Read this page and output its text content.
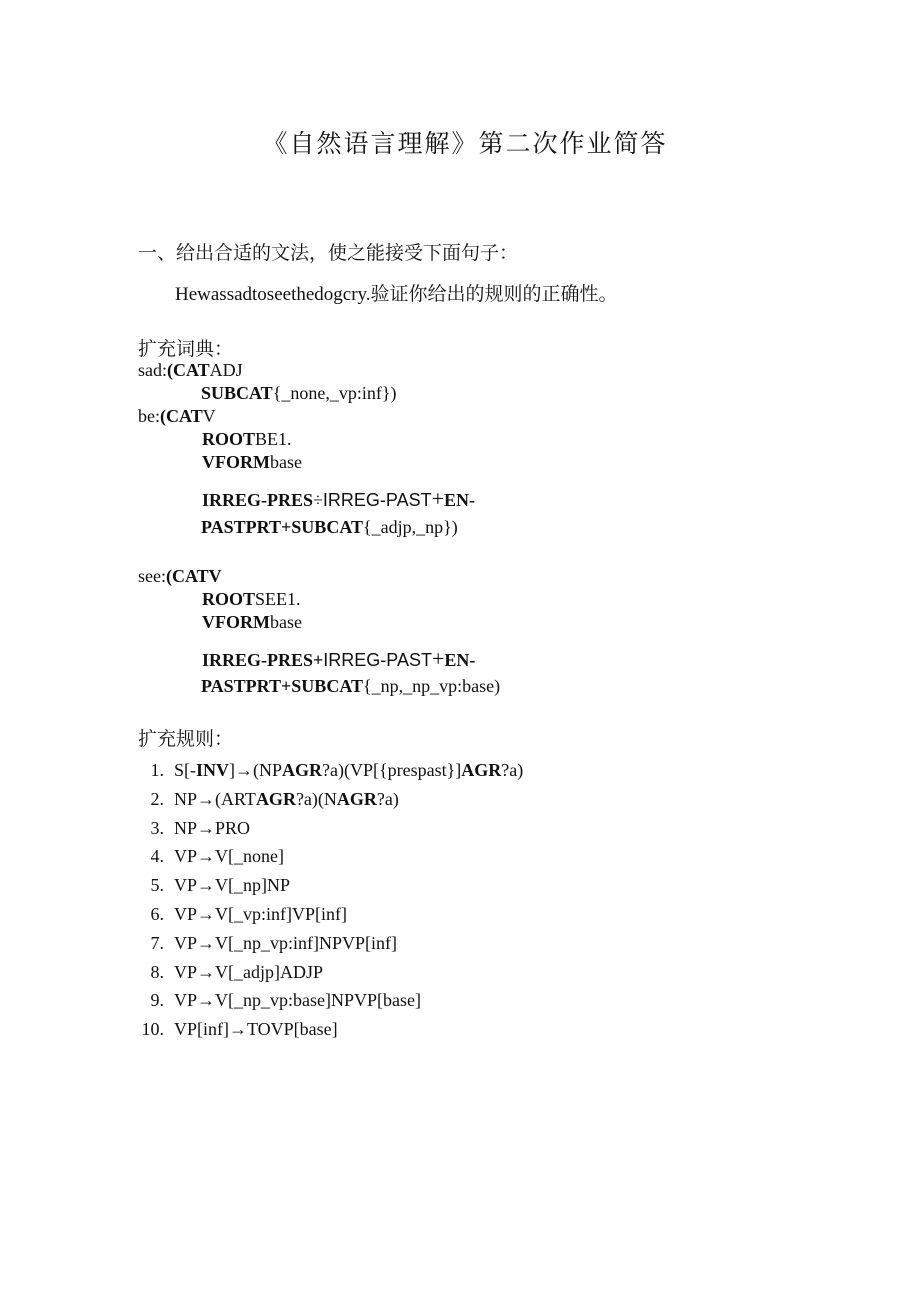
《自然语言理解》第二次作业简答
一、给出合适的文法，使之能接受下面句子：
Hewassadtoseethedogcry.验证你给出的规则的正确性。
扩充词典：
sad:(CATADJ
SUBCAT{_none,_vp:inf})
be:(CATV
ROOTBE1.
VFORMbase
IRREG-PRES÷IRREG-PAST+EN-
PASTPRT+SUBCAT{_adjp,_np})
see:(CATV
ROOTSEE1.
VFORMbase
IRREG-PRES+IRREG-PAST+EN-
PASTPRT+SUBCAT{_np,_np_vp:base)
扩充规则：
1. S[-INV]→(NPAGR?a)(VP[{prespast}]AGR?a)
2. NP→(ARTAGR?a)(NAGR?a)
3. NP→PRO
4. VP→V[_none]
5. VP→V[_np]NP
6. VP→V[_vp:inf]VP[inf]
7. VP→V[_np_vp:inf]NPVP[inf]
8. VP→V[_adjp]ADJP
9. VP→V[_np_vp:base]NPVP[base]
10. VP[inf]→TOVP[base]
